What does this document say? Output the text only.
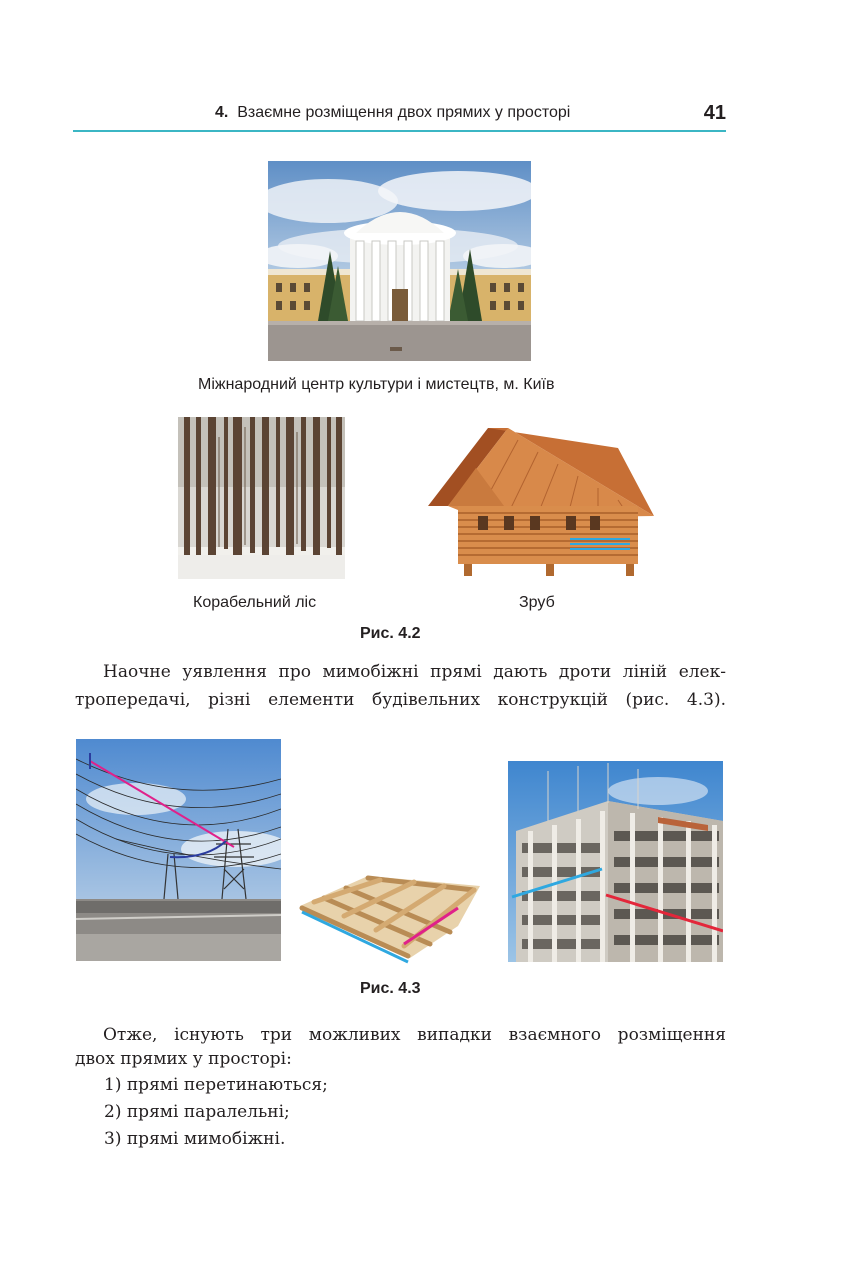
4. Взаємне розміщення двох прямих у просторі	41
Міжнародний центр культури і мистецтв, м. Київ
Корабельний ліс	Зруб
Рис. 4.2
Наочне уявлення про мимобіжні прямі дають дроти ліній елек-
тропередачі, різні елементи будівельних конструкцій (рис. 4.3).
Рис. 4.3
Отже, існують три можливих випадки взаємного розміщення
двох прямих у просторі:
1) прямі перетинаються;
2) прямі паралельні;
3) прямі мимобіжні.
